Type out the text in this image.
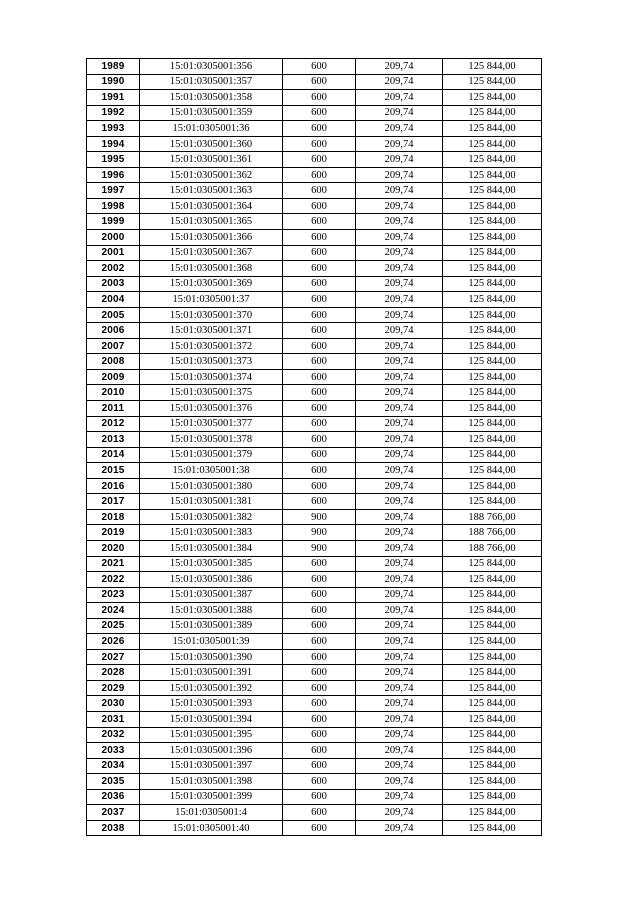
1989	15:01:0305001:356	600	209,74	125 844,00
1990	15:01:0305001:357	600	209,74	125 844,00
1991	15:01:0305001:358	600	209,74	125 844,00
1992	15:01:0305001:359	600	209,74	125 844,00
1993	15:01:0305001:36	600	209,74	125 844,00
1994	15:01:0305001:360	600	209,74	125 844,00
1995	15:01:0305001:361	600	209,74	125 844,00
1996	15:01:0305001:362	600	209,74	125 844,00
1997	15:01:0305001:363	600	209,74	125 844,00
1998	15:01:0305001:364	600	209,74	125 844,00
1999	15:01:0305001:365	600	209,74	125 844,00
2000	15:01:0305001:366	600	209,74	125 844,00
2001	15:01:0305001:367	600	209,74	125 844,00
2002	15:01:0305001:368	600	209,74	125 844,00
2003	15:01:0305001:369	600	209,74	125 844,00
2004	15:01:0305001:37	600	209,74	125 844,00
2005	15:01:0305001:370	600	209,74	125 844,00
2006	15:01:0305001:371	600	209,74	125 844,00
2007	15:01:0305001:372	600	209,74	125 844,00
2008	15:01:0305001:373	600	209,74	125 844,00
2009	15:01:0305001:374	600	209,74	125 844,00
2010	15:01:0305001:375	600	209,74	125 844,00
2011	15:01:0305001:376	600	209,74	125 844,00
2012	15:01:0305001:377	600	209,74	125 844,00
2013	15:01:0305001:378	600	209,74	125 844,00
2014	15:01:0305001:379	600	209,74	125 844,00
2015	15:01:0305001:38	600	209,74	125 844,00
2016	15:01:0305001:380	600	209,74	125 844,00
2017	15:01:0305001:381	600	209,74	125 844,00
2018	15:01:0305001:382	900	209,74	188 766,00
2019	15:01:0305001:383	900	209,74	188 766,00
2020	15:01:0305001:384	900	209,74	188 766,00
2021	15:01:0305001:385	600	209,74	125 844,00
2022	15:01:0305001:386	600	209,74	125 844,00
2023	15:01:0305001:387	600	209,74	125 844,00
2024	15:01:0305001:388	600	209,74	125 844,00
2025	15:01:0305001:389	600	209,74	125 844,00
2026	15:01:0305001:39	600	209,74	125 844,00
2027	15:01:0305001:390	600	209,74	125 844,00
2028	15:01:0305001:391	600	209,74	125 844,00
2029	15:01:0305001:392	600	209,74	125 844,00
2030	15:01:0305001:393	600	209,74	125 844,00
2031	15:01:0305001:394	600	209,74	125 844,00
2032	15:01:0305001:395	600	209,74	125 844,00
2033	15:01:0305001:396	600	209,74	125 844,00
2034	15:01:0305001:397	600	209,74	125 844,00
2035	15:01:0305001:398	600	209,74	125 844,00
2036	15:01:0305001:399	600	209,74	125 844,00
2037	15:01:0305001:4	600	209,74	125 844,00
2038	15:01:0305001:40	600	209,74	125 844,00
